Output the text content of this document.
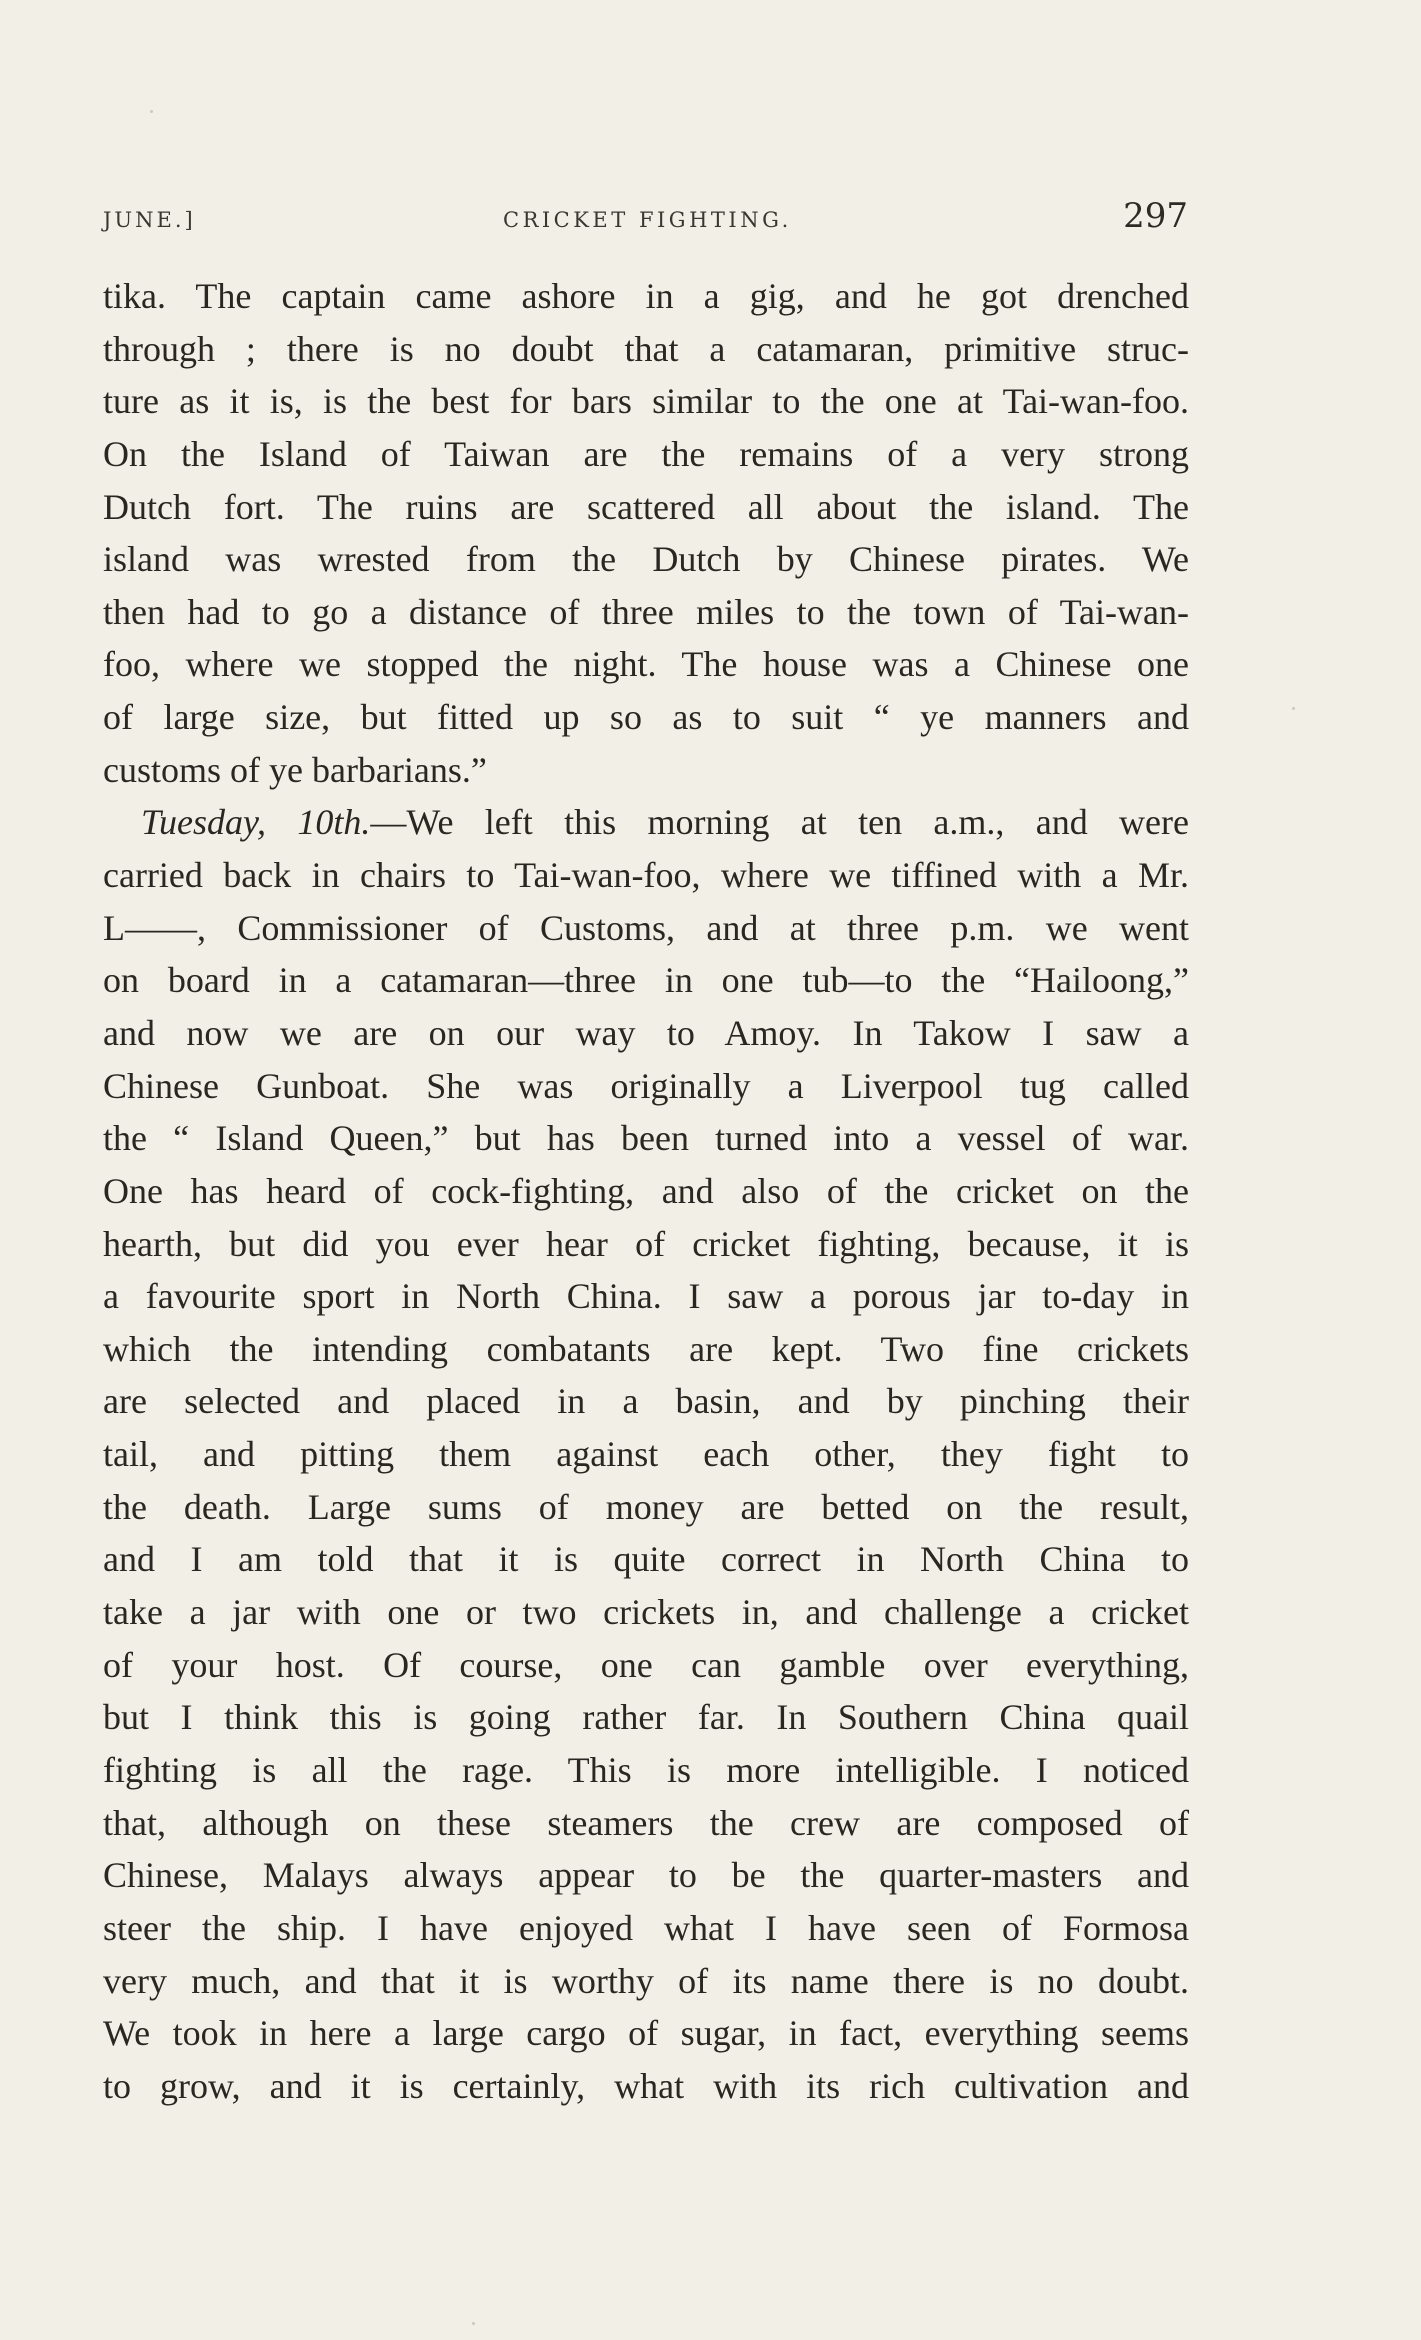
JUNE.]	CRICKET FIGHTING.	297
tika. The captain came ashore in a gig, and he got drenched
through ; there is no doubt that a catamaran, primitive struc-
ture as it is, is the best for bars similar to the one at Tai-wan-foo.
On the Island of Taiwan are the remains of a very strong
Dutch fort. The ruins are scattered all about the island. The
island was wrested from the Dutch by Chinese pirates. We
then had to go a distance of three miles to the town of Tai-wan-
foo, where we stopped the night. The house was a Chinese one
of large size, but fitted up so as to suit “ ye manners and
customs of ye barbarians.”
Tuesday, 10th.—We left this morning at ten a.m., and were
carried back in chairs to Tai-wan-foo, where we tiffined with a Mr.
L——, Commissioner of Customs, and at three p.m. we went
on board in a catamaran—three in one tub—to the “Hailoong,”
and now we are on our way to Amoy. In Takow I saw a
Chinese Gunboat. She was originally a Liverpool tug called
the “ Island Queen,” but has been turned into a vessel of war.
One has heard of cock-fighting, and also of the cricket on the
hearth, but did you ever hear of cricket fighting, because, it is
a favourite sport in North China. I saw a porous jar to-day in
which the intending combatants are kept. Two fine crickets
are selected and placed in a basin, and by pinching their
tail, and pitting them against each other, they fight to
the death. Large sums of money are betted on the result,
and I am told that it is quite correct in North China to
take a jar with one or two crickets in, and challenge a cricket
of your host. Of course, one can gamble over everything,
but I think this is going rather far. In Southern China quail
fighting is all the rage. This is more intelligible. I noticed
that, although on these steamers the crew are composed of
Chinese, Malays always appear to be the quarter-masters and
steer the ship. I have enjoyed what I have seen of Formosa
very much, and that it is worthy of its name there is no doubt.
We took in here a large cargo of sugar, in fact, everything seems
to grow, and it is certainly, what with its rich cultivation and
